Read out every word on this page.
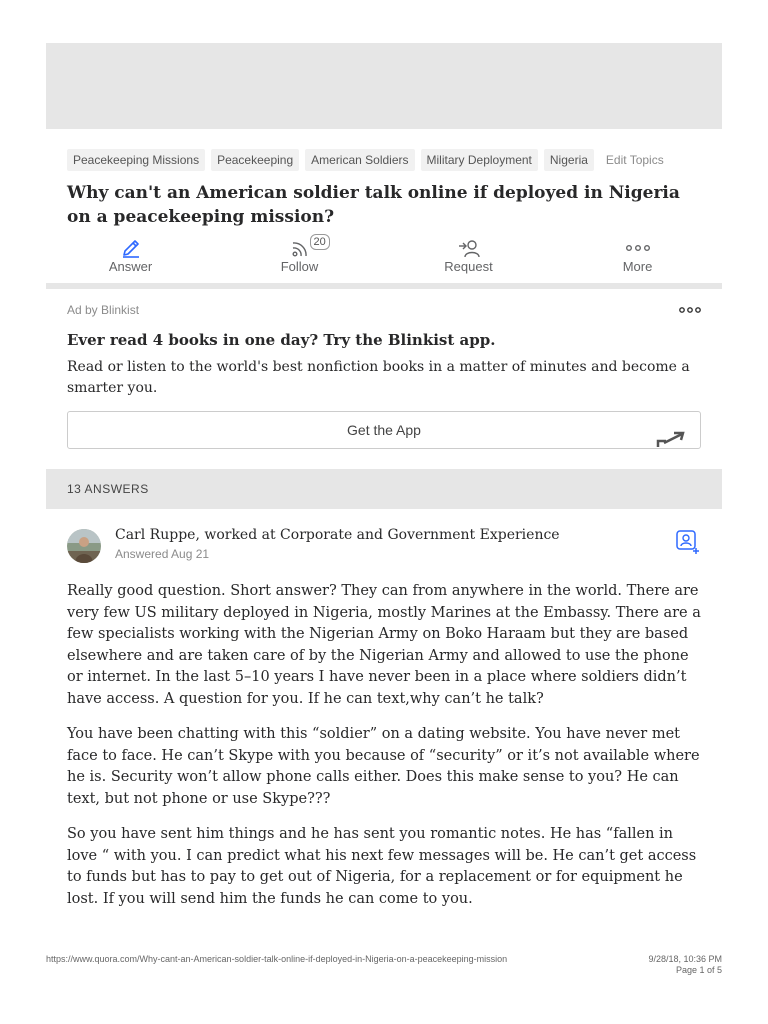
Peacekeeping Missions	Peacekeeping	American Soldiers	Military Deployment	Nigeria	Edit Topics
Why can't an American soldier talk online if deployed in Nigeria on a peacekeeping mission?
Answer
20
Follow	Request	More
Ad by Blinkist
Ever read 4 books in one day? Try the Blinkist app.
Read or listen to the world's best nonfiction books in a matter of minutes and become a smarter you.
Get the App
13 ANSWERS
Carl Ruppe, worked at Corporate and Government Experience
Answered Aug 21

Really good question. Short answer? They can from anywhere in the world. There are very few US military deployed in Nigeria, mostly Marines at the Embassy. There are a few specialists working with the Nigerian Army on Boko Haraam but they are based elsewhere and are taken care of by the Nigerian Army and allowed to use the phone or internet. In the last 5–10 years I have never been in a place where soldiers didn’t have access. A question for you. If he can text,why can’t he talk?

You have been chatting with this “soldier” on a dating website. You have never met face to face. He can’t Skype with you because of “security” or it’s not available where he is. Security won’t allow phone calls either. Does this make sense to you? He can text, but not phone or use Skype???

So you have sent him things and he has sent you romantic notes. He has “fallen in love “ with you. I can predict what his next few messages will be. He can’t get access to funds but has to pay to get out of Nigeria, for a replacement or for equipment he lost. If you will send him the funds he can come to you.

https://www.quora.com/Why-cant-an-American-soldier-talk-online-if-deployed-in-Nigeria-on-a-peacekeeping-mission	9/28/18, 10:36 PM
Page 1 of 5
